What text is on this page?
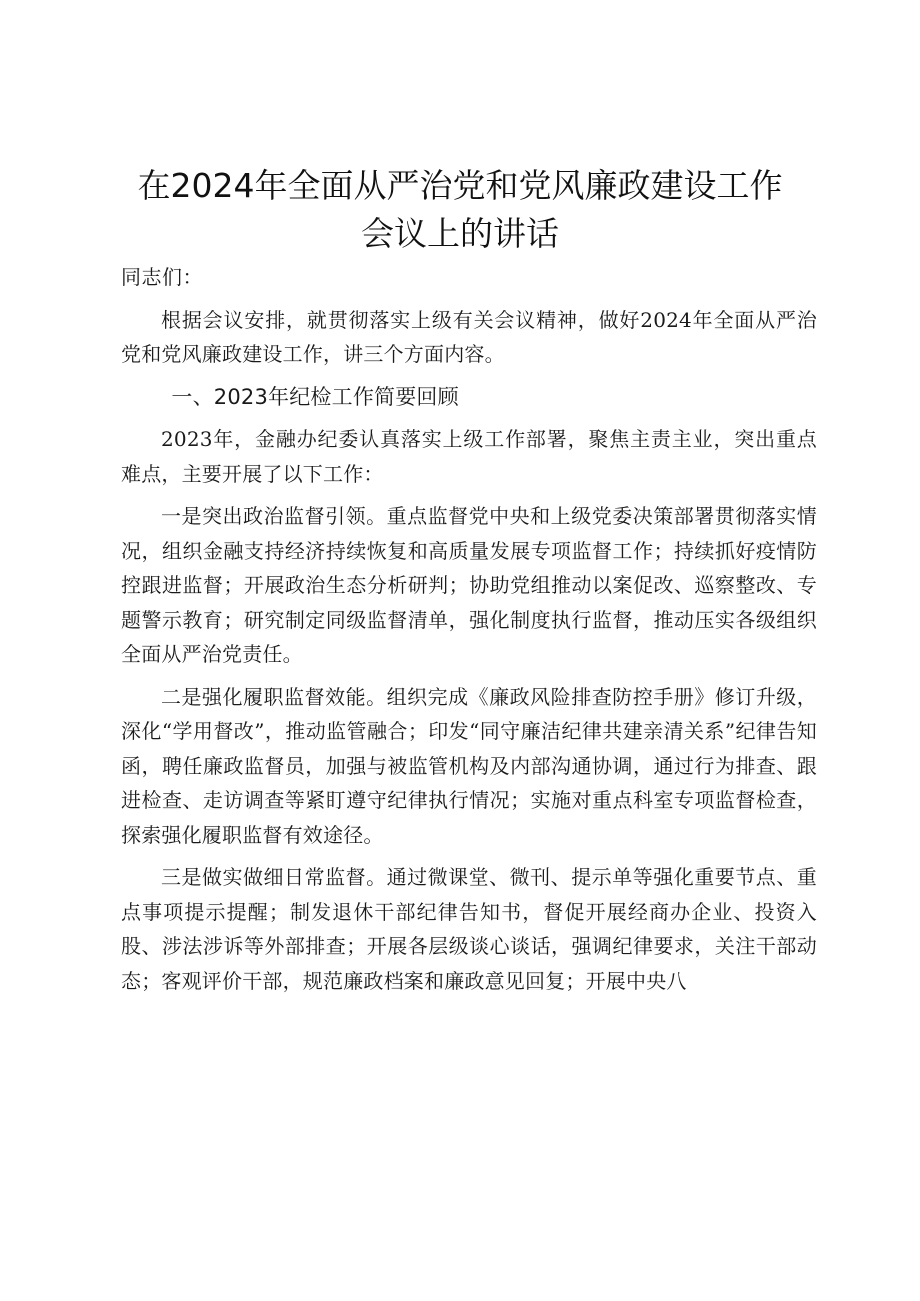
在2024年全面从严治党和党风廉政建设工作
会议上的讲话

同志们：

根据会议安排，就贯彻落实上级有关会议精神，做好2024年全面从严治党和党风廉政建设工作，讲三个方面内容。

一、2023年纪检工作简要回顾

2023年，金融办纪委认真落实上级工作部署，聚焦主责主业，突出重点难点，主要开展了以下工作：

一是突出政治监督引领。重点监督党中央和上级党委决策部署贯彻落实情况，组织金融支持经济持续恢复和高质量发展专项监督工作；持续抓好疫情防控跟进监督；开展政治生态分析研判；协助党组推动以案促改、巡察整改、专题警示教育；研究制定同级监督清单，强化制度执行监督，推动压实各级组织全面从严治党责任。

二是强化履职监督效能。组织完成《廉政风险排查防控手册》修订升级，深化“学用督改”，推动监管融合；印发“同守廉洁纪律共建亲清关系”纪律告知函，聘任廉政监督员，加强与被监管机构及内部沟通协调，通过行为排查、跟进检查、走访调查等紧盯遵守纪律执行情况；实施对重点科室专项监督检查，探索强化履职监督有效途径。

三是做实做细日常监督。通过微课堂、微刊、提示单等强化重要节点、重点事项提示提醒；制发退休干部纪律告知书，督促开展经商办企业、投资入股、涉法涉诉等外部排查；开展各层级谈心谈话，强调纪律要求，关注干部动态；客观评价干部，规范廉政档案和廉政意见回复；开展中央八
